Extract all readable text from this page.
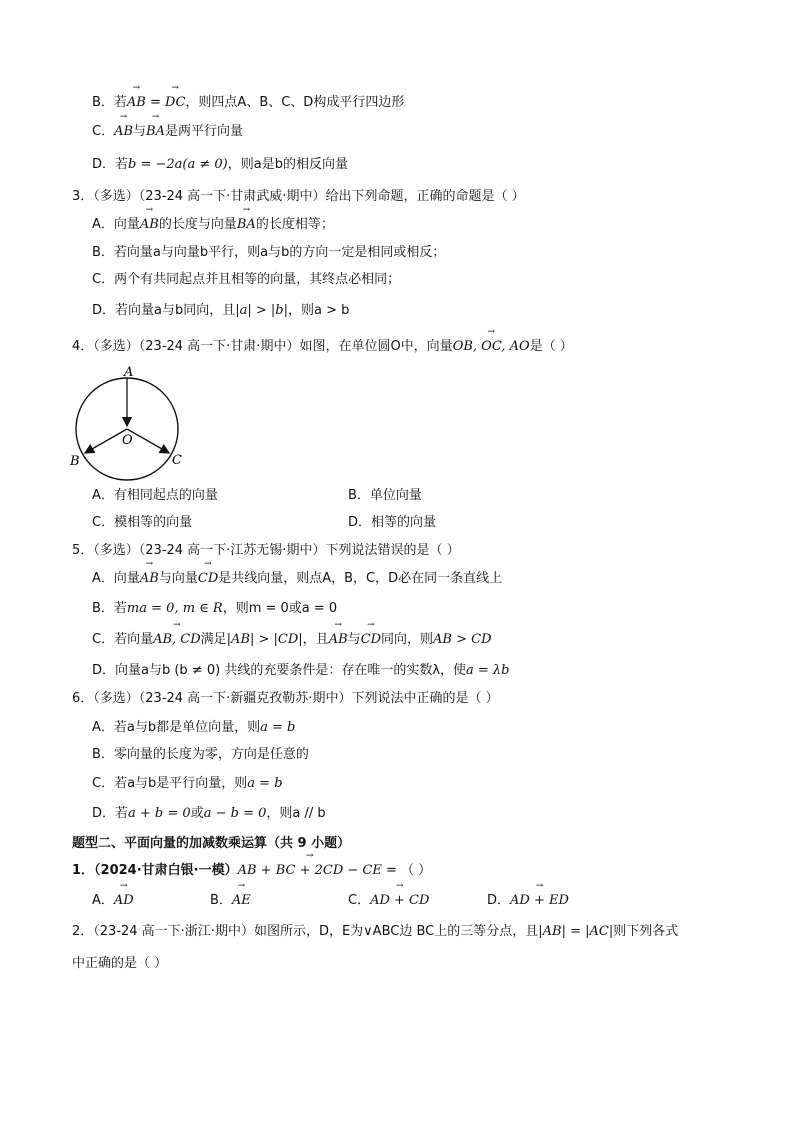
B．若→ AB = → DC，则四点A、B、C、D构成平行四边形
C．→ AB与→ BA是两平行向量
D．若b = −2a(a ≠ 0)，则a是b的相反向量
3．（多选）（23-24 高一下·甘肃武威·期中）给出下列命题，正确的命题是（ ）
A．向量→ AB的长度与向量→ BA的长度相等；
B．若向量a与向量b平行，则a与b的方向一定是相同或相反；
C．两个有共同起点并且相等的向量，其终点必相同；
D．若向量a与b同向，且|a| > |b|，则a > b
4．（多选）（23-24 高一下·甘肃·期中）如图，在单位圆O中，向量→ OB, OC, AO是（ ）
A
O
B	C
A．有相同起点的向量	B．单位向量
C．模相等的向量	D．相等的向量
5．（多选）（23-24 高一下·江苏无锡·期中）下列说法错误的是（ ）
A．向量→ AB与向量→ CD是共线向量，则点A，B，C，D必在同一条直线上
B．若ma = 0, m ∈ R，则m = 0或a = 0
C．若向量→ AB, CD满足|AB| > |CD|，且→ AB与→ CD同向，则AB > CD
D．向量a与b (b ≠ 0) 共线的充要条件是：存在唯一的实数λ，使a = λb
6．（多选）（23-24 高一下·新疆克孜勒苏·期中）下列说法中正确的是（ ）
A．若a与b都是单位向量，则a = b
B．零向量的长度为零，方向是任意的
C．若a与b是平行向量，则a = b
D．若a + b = 0或a − b = 0，则a // b
题型二、平面向量的加减数乘运算（共 9 小题）
1．（2024·甘肃白银·一模）→ AB + BC + 2CD − CE = （ ）
A．→ AD	B．→ AE	C．→ AD + CD	D．→ AD + ED
2．（23-24 高一下·浙江·期中）如图所示，D，E为∨ABC边 BC上的三等分点，且|AB| = |AC|则下列各式
中正确的是（ ）
